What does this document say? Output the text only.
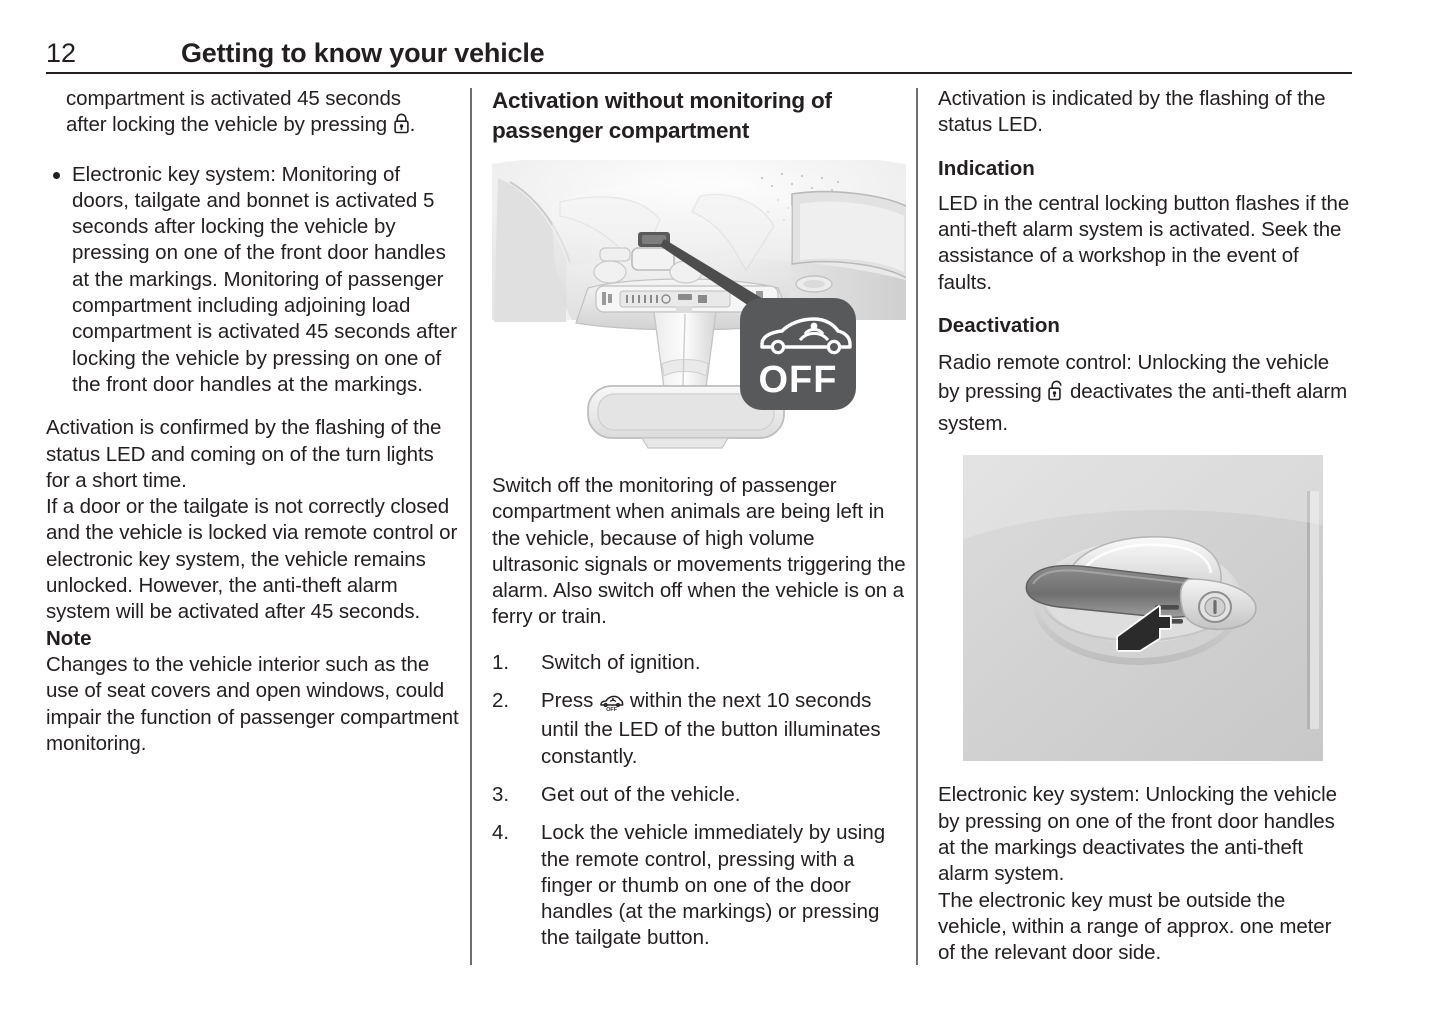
12	Getting to know your vehicle

compartment is activated 45 seconds
after locking the vehicle by pressing .

Electronic key system: Monitoring of doors, tailgate and bonnet is activated 5 seconds after locking the vehicle by pressing on one of the front door handles at the markings. Monitoring of passenger compartment including adjoining load compartment is activated 45 seconds after locking the vehicle by pressing on one of the front door handles at the markings.

Activation is confirmed by the flashing of the status LED and coming on of the turn lights for a short time.

If a door or the tailgate is not correctly closed and the vehicle is locked via remote control or electronic key system, the vehicle remains unlocked. However, the anti-theft alarm system will be activated after 45 seconds.

Note

Changes to the vehicle interior such as the use of seat covers and open windows, could impair the function of passenger compartment monitoring.

Activation without monitoring of passenger compartment

OFF

Switch off the monitoring of passenger compartment when animals are being left in the vehicle, because of high volume ultrasonic signals or movements triggering the alarm. Also switch off when the vehicle is on a ferry or train.

1.	Switch of ignition.
2.	Press OFF within the next 10 seconds until the LED of the button illuminates constantly.
3.	Get out of the vehicle.
4.	Lock the vehicle immediately by using the remote control, pressing with a finger or thumb on one of the door handles (at the markings) or pressing the tailgate button.

Activation is indicated by the flashing of the status LED.

Indication

LED in the central locking button flashes if the anti-theft alarm system is activated. Seek the assistance of a workshop in the event of faults.

Deactivation

Radio remote control: Unlocking the vehicle by pressing deactivates the anti-theft alarm system.

Electronic key system: Unlocking the vehicle by pressing on one of the front door handles at the markings deactivates the anti-theft alarm system.

The electronic key must be outside the vehicle, within a range of approx. one meter of the relevant door side.
